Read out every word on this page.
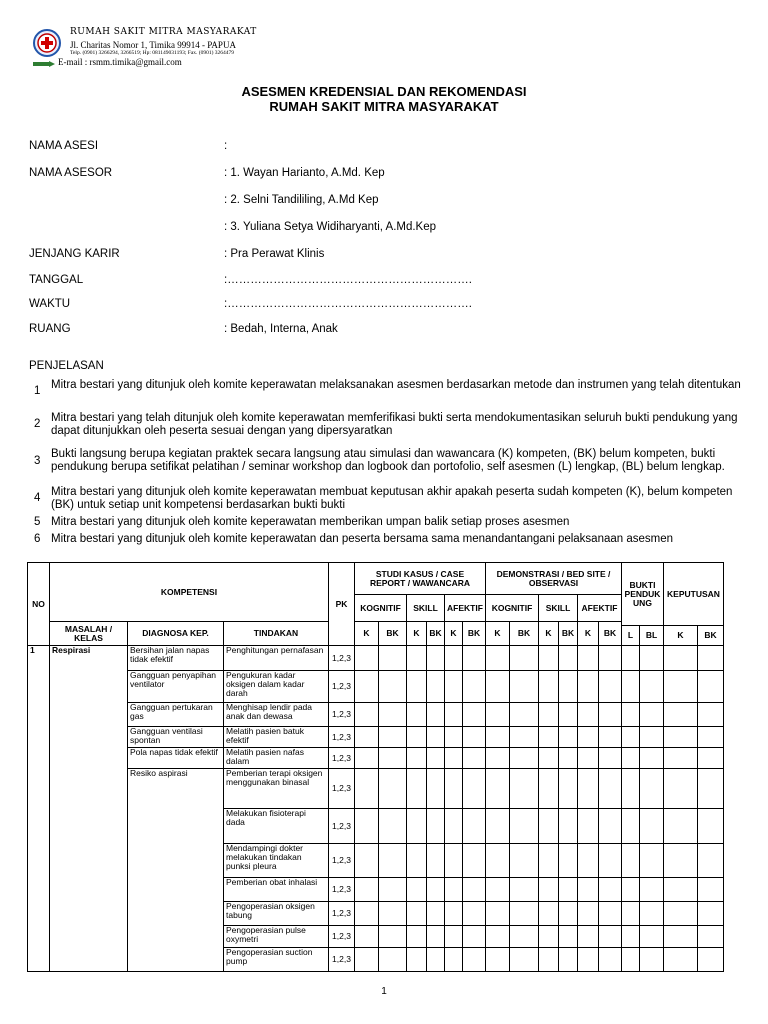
RUMAH SAKIT MITRA MASYARAKAT
Jl. Charitas Nomor 1, Timika 99914 - PAPUA
Telp. (0901) 3266294, 3266519; Hp: 081149031193; Fax. (0901) 3264479
E-mail : rsmm.timika@gmail.com
ASESMEN KREDENSIAL DAN REKOMENDASI
RUMAH SAKIT MITRA MASYARAKAT
NAMA ASESI	:
NAMA ASESOR	: 1. Wayan Harianto, A.Md. Kep
: 2. Selni Tandililing, A.Md Kep
: 3. Yuliana Setya Widiharyanti, A.Md.Kep
JENJANG KARIR	: Pra Perawat Klinis
TANGGAL	:……………………………………………………….
WAKTU	:……………………………………………………….
RUANG	: Bedah, Interna, Anak
PENJELASAN
1 Mitra bestari yang ditunjuk oleh komite keperawatan melaksanakan asesmen berdasarkan metode dan instrumen yang telah ditentukan
2 Mitra bestari yang telah ditunjuk oleh komite keperawatan memferifikasi bukti serta mendokumentasikan seluruh bukti pendukung yang dapat ditunjukkan oleh peserta sesuai dengan yang dipersyaratkan
3
Bukti langsung berupa kegiatan praktek secara langsung atau simulasi dan wawancara (K) kompeten, (BK) belum kompeten, bukti pendukung berupa setifikat pelatihan / seminar workshop dan logbook dan portofolio, self asesmen (L) lengkap, (BL) belum lengkap.
4 Mitra bestari yang ditunjuk oleh komite keperawatan membuat keputusan akhir apakah peserta sudah kompeten (K), belum kompeten (BK) untuk setiap unit kompetensi berdasarkan bukti bukti
5 Mitra bestari yang ditunjuk oleh komite keperawatan memberikan umpan balik setiap proses asesmen
6 Mitra bestari yang ditunjuk oleh komite keperawatan dan peserta bersama sama menandantangani pelaksanaan asesmen
NO	KOMPETENSI			PK	STUDI KASUS / CASE REPORT / WAWANCARA						DEMONSTRASI / BED SITE / OBSERVASI						BUKTI PENDUK UNG		KEPUTUSAN	
					KOGNITIF		SKILL		AFEKTIF		KOGNITIF		SKILL		AFEKTIF					
	MASALAH / KELAS	DIAGNOSA KEP.	TINDAKAN		K	BK	K	BK	K	BK	K	BK	K	BK	K	BK				
																	L	BL	K	BK
1	Respirasi	Bersihan jalan napas tidak efektif	Penghitungan pernafasan	1,2,3																
		Gangguan penyapihan ventilator	Pengukuran kadar oksigen dalam kadar darah	1,2,3																
		Gangguan pertukaran gas	Menghisap lendir pada anak dan dewasa	1,2,3																
		Gangguan ventilasi spontan	Melatih pasien batuk efektif	1,2,3																
		Pola napas tidak efektif	Melatih pasien nafas dalam	1,2,3																
		Resiko aspirasi	Pemberian terapi oksigen menggunakan binasal	1,2,3																
			Melakukan fisioterapi dada	1,2,3																
			Mendampingi dokter melakukan tindakan punksi pleura	1,2,3																
			Pemberian obat inhalasi	1,2,3																
			Pengoperasian oksigen tabung	1,2,3																
			Pengoperasian pulse oxymetri	1,2,3																
			Pengoperasian suction pump	1,2,3																
1
